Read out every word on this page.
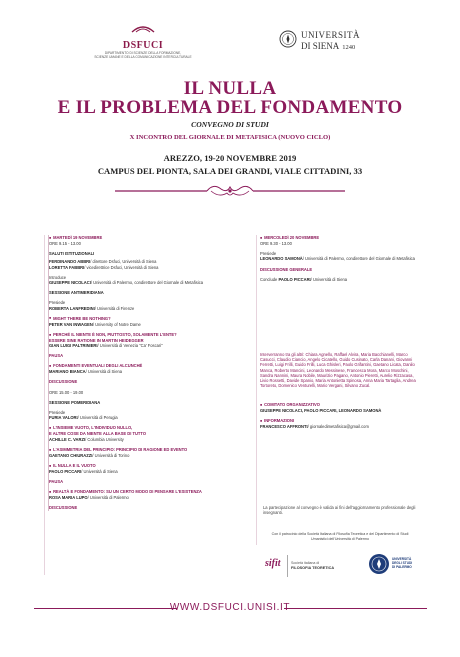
DSFUCI
DIPARTIMENTO DI SCIENZE DELLA FORMAZIONE,
SCIENZE UMANE E DELLA COMUNICAZIONE INTERCULTURALE
UNIVERSITÀ
DI SIENA 1240
IL NULLA
E IL PROBLEMA DEL FONDAMENTO
CONVEGNO DI STUDI
X INCONTRO DEL GIORNALE DI METAFISICA (NUOVO CICLO)
AREZZO, 19-20 NOVEMBRE 2019
CAMPUS DEL PIONTA, SALA DEI GRANDI, VIALE CITTADINI, 33
■ MARTEDÌ 19 NOVEMBRE
ORE 9.15 - 13.00
SALUTI ISTITUZIONALI
FERDINANDO ABBRI/ direttore Dsfuci, Università di Siena
LORETTA FABBRI/ vicedirettrice Dsfuci, Università di Siena
Introduce
GIUSEPPE NICOLACI/ Università di Palermo, condirettore del Giornale di Metafisica
SESSIONE ANTIMERIDIANA
Presiede
ROBERTA LANFREDINI/ Università di Firenze
■ MIGHT THERE BE NOTHING?
PETER VAN INWAGEN/ University of Notre Dame
■ PERCHÉ IL NIENTE È NON, PIUTTOSTO, SOLAMENTE L'ENTE?
ESSERE SINE RATIONE IN MARTIN HEIDEGGER
GIAN LUIGI PALTRINIERI/ Università di Venezia "Ca' Foscari"
PAUSA
■ FONDAMENTI EVENTUALI DEGLI ALCUNCHÉ
MARIANO BIANCA/ Università di Siena
DISCUSSIONE
ORE 15.00 - 19.00
SESSIONE POMERIDIANA
Presiede
FURIA VALORI/ Università di Perugia
■ L'INSIEME VUOTO, L'INDIVIDUO NULLO,
E ALTRE COSE DA NIENTE ALLA BASE DI TUTTO
ACHILLE C. VARZI/ Columbia University
■ L'ASIMMETRIA DEL PRINCIPIO: PRINCIPIO DI RAGIONE ED EVENTO
GAETANO CHIURAZZI/ Università di Torino
■ IL NULLA E IL VUOTO
PAOLO PICCARI/ Università di Siena
PAUSA
■ REALTÀ E FONDAMENTO: SU UN CERTO MODO DI PENSARE L'ESISTENZA
ROSA MARIA LUPO/ Università di Palermo
DISCUSSIONE
■ MERCOLEDÌ 20 NOVEMBRE
ORE 9.30 - 13.00
Presiede
LEONARDO SAMONÀ/ Università di Palermo, condirettore del Giornale di Metafisica
DISCUSSIONE GENERALE
Conclude PAOLO PICCARI/ Università di Siena
Interverranno tra gli altri: Chiara Agnello, Raffael Alvira, Maria Bacchianelli, Marco Casucci, Claudio Ciancio, Angelo Cicatello, Guido Cusinato, Carla Danani, Giovanni Ferretti, Luigi Frilli, Guido Frilli, Luca Ghisleri, Paolo Grifantini, Gaetano Licata, Danilo Manca, Roberto Mancini, Leonardo Messinese, Francesca Mora, Marco Moschini, Sandra Nannini, Maura Nobile, Maurizio Pagano, Antonio Pieretti, Aurelio Rizzacasa, Livio Rossetti, Davide Spanio, Maria Antonietta Spinosa, Anna Maria Tartaglia, Andrea Tortoreto, Domenico Venturelli, Mario Vergani, Silvano Zucal.
■ COMITATO ORGANIZZATIVO
GIUSEPPE NICOLACI, PAOLO PICCARI, LEONARDO SAMONÀ
■ INFORMAZIONI
FRANCESCO AFFRONTI/ giornaledimetafisica@gmail.com
La partecipazione al convegno è valida ai fini dell'aggiornamento professionale degli insegnanti.
Con il patrocinio della Società Italiana di Filosofia Teoretica e del Dipartimento di Studi Umanistici dell'Università di Palermo
sifit	Società italiana di
FILOSOFIA TEORETICA
UNIVERSITÀ
DEGLI STUDI
DI PALERMO
WWW.DSFUCI.UNISI.IT
